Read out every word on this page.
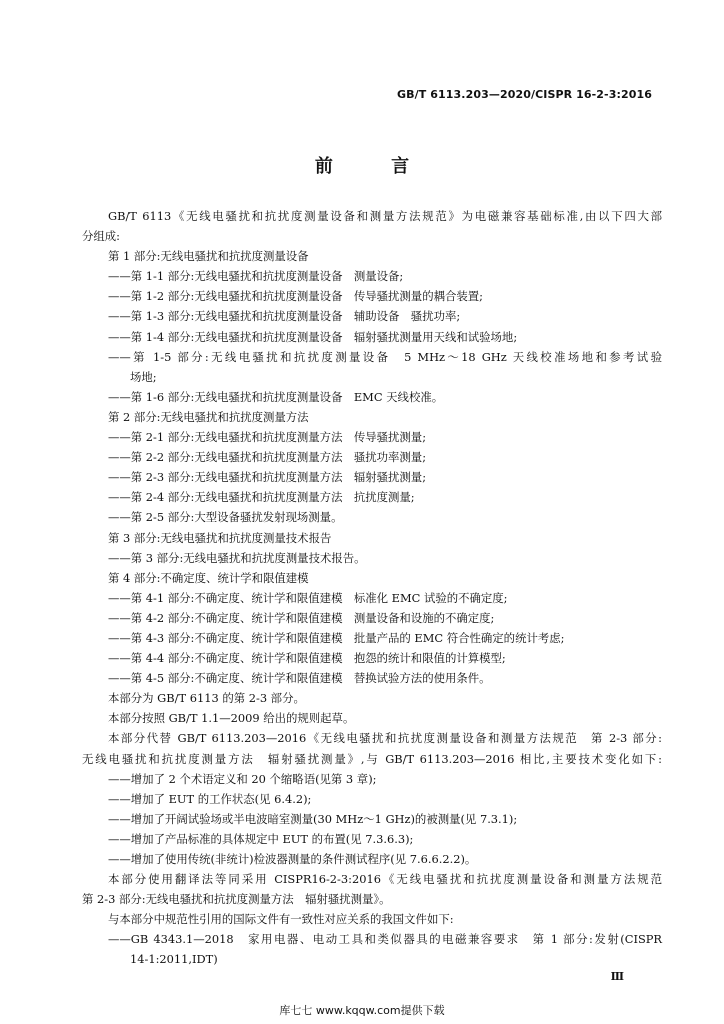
GB/T 6113.203—2020/CISPR 16-2-3:2016
前 言
GB/T 6113《无线电骚扰和抗扰度测量设备和测量方法规范》为电磁兼容基础标准,由以下四大部
分组成:
第 1 部分:无线电骚扰和抗扰度测量设备
——第 1-1 部分:无线电骚扰和抗扰度测量设备　测量设备;
——第 1-2 部分:无线电骚扰和抗扰度测量设备　传导骚扰测量的耦合装置;
——第 1-3 部分:无线电骚扰和抗扰度测量设备　辅助设备　骚扰功率;
——第 1-4 部分:无线电骚扰和抗扰度测量设备　辐射骚扰测量用天线和试验场地;
——第 1-5 部分:无线电骚扰和抗扰度测量设备　5 MHz～18 GHz 天线校准场地和参考试验
场地;
——第 1-6 部分:无线电骚扰和抗扰度测量设备　EMC 天线校准。
第 2 部分:无线电骚扰和抗扰度测量方法
——第 2-1 部分:无线电骚扰和抗扰度测量方法　传导骚扰测量;
——第 2-2 部分:无线电骚扰和抗扰度测量方法　骚扰功率测量;
——第 2-3 部分:无线电骚扰和抗扰度测量方法　辐射骚扰测量;
——第 2-4 部分:无线电骚扰和抗扰度测量方法　抗扰度测量;
——第 2-5 部分:大型设备骚扰发射现场测量。
第 3 部分:无线电骚扰和抗扰度测量技术报告
——第 3 部分:无线电骚扰和抗扰度测量技术报告。
第 4 部分:不确定度、统计学和限值建模
——第 4-1 部分:不确定度、统计学和限值建模　标准化 EMC 试验的不确定度;
——第 4-2 部分:不确定度、统计学和限值建模　测量设备和设施的不确定度;
——第 4-3 部分:不确定度、统计学和限值建模　批量产品的 EMC 符合性确定的统计考虑;
——第 4-4 部分:不确定度、统计学和限值建模　抱怨的统计和限值的计算模型;
——第 4-5 部分:不确定度、统计学和限值建模　替换试验方法的使用条件。
本部分为 GB/T 6113 的第 2-3 部分。
本部分按照 GB/T 1.1—2009 给出的规则起草。
本部分代替 GB/T 6113.203—2016《无线电骚扰和抗扰度测量设备和测量方法规范　第 2-3 部分:
无线电骚扰和抗扰度测量方法　辐射骚扰测量》,与 GB/T 6113.203—2016 相比,主要技术变化如下:
——增加了 2 个术语定义和 20 个缩略语(见第 3 章);
——增加了 EUT 的工作状态(见 6.4.2);
——增加了开阔试验场或半电波暗室测量(30 MHz～1 GHz)的被测量(见 7.3.1);
——增加了产品标准的具体规定中 EUT 的布置(见 7.3.6.3);
——增加了使用传统(非统计)检波器测量的条件测试程序(见 7.6.6.2.2)。
本部分使用翻译法等同采用 CISPR16-2-3:2016《无线电骚扰和抗扰度测量设备和测量方法规范
第 2-3 部分:无线电骚扰和抗扰度测量方法　辐射骚扰测量》。
与本部分中规范性引用的国际文件有一致性对应关系的我国文件如下:
——GB 4343.1—2018　家用电器、电动工具和类似器具的电磁兼容要求　第 1 部分:发射(CISPR
14-1:2011,IDT)
Ⅲ
库七七 www.kqqw.com提供下载
